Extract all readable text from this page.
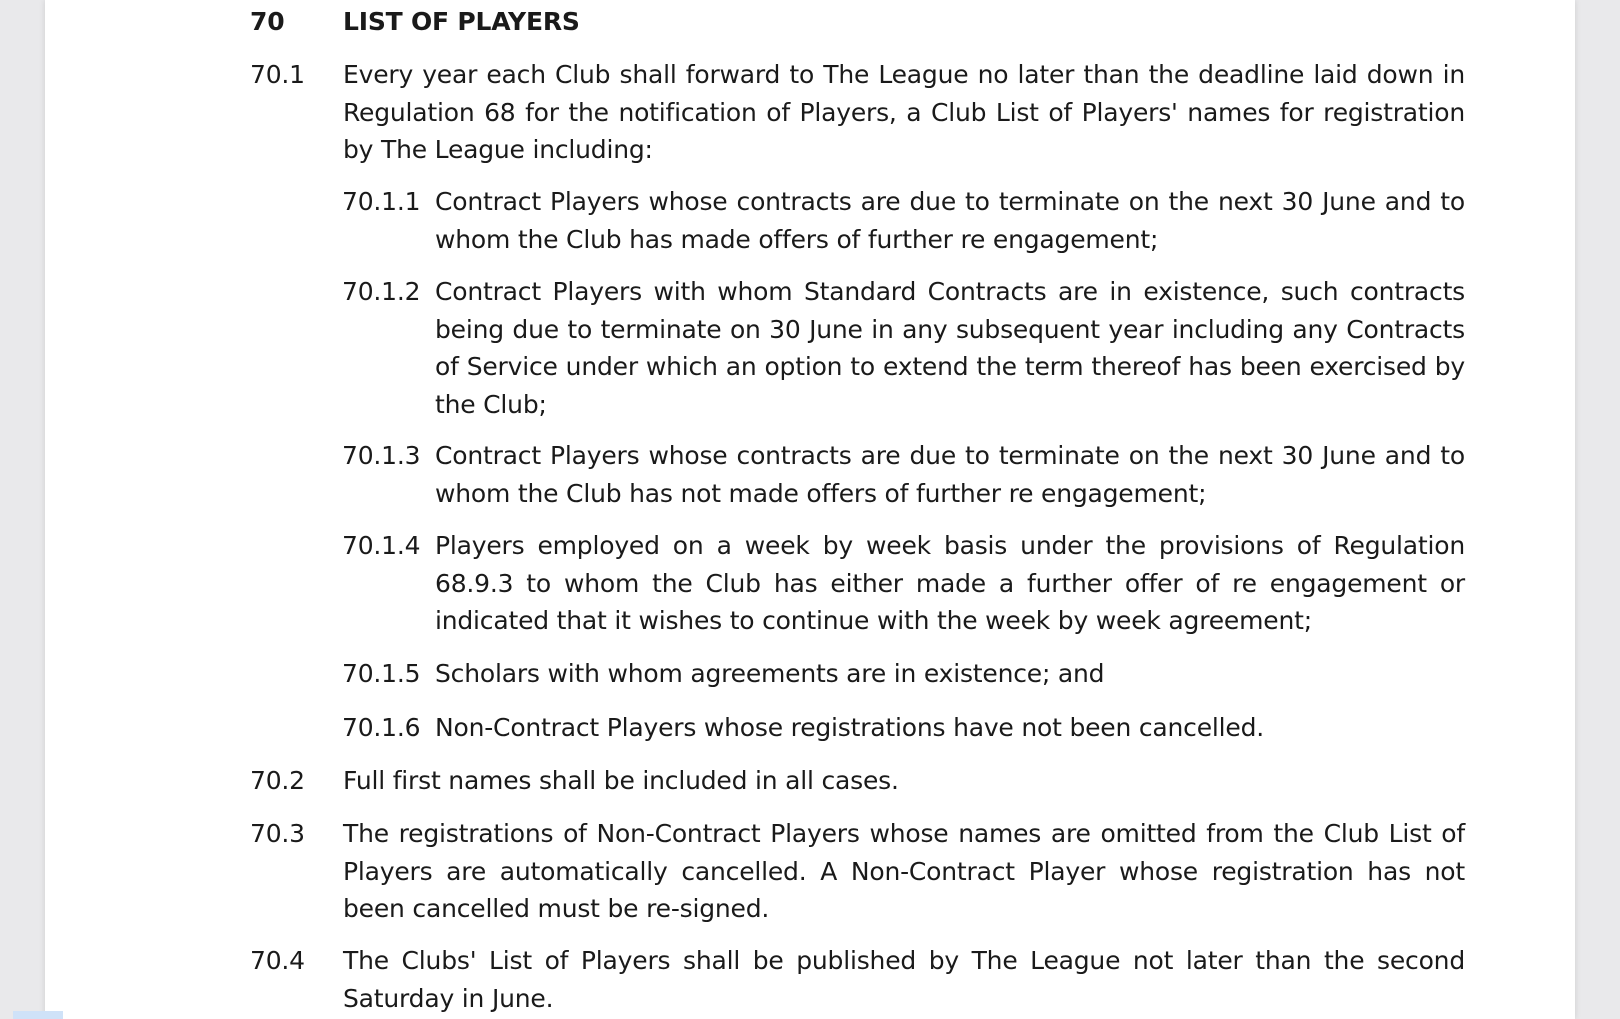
70 LIST OF PLAYERS
70.1 Every year each Club shall forward to The League no later than the deadline laid down in Regulation 68 for the notification of Players, a Club List of Players' names for registration by The League including:
70.1.1 Contract Players whose contracts are due to terminate on the next 30 June and to whom the Club has made offers of further re engagement;
70.1.2 Contract Players with whom Standard Contracts are in existence, such contracts being due to terminate on 30 June in any subsequent year including any Contracts of Service under which an option to extend the term thereof has been exercised by the Club;
70.1.3 Contract Players whose contracts are due to terminate on the next 30 June and to whom the Club has not made offers of further re engagement;
70.1.4 Players employed on a week by week basis under the provisions of Regulation 68.9.3 to whom the Club has either made a further offer of re engagement or indicated that it wishes to continue with the week by week agreement;
70.1.5 Scholars with whom agreements are in existence; and
70.1.6 Non-Contract Players whose registrations have not been cancelled.
70.2 Full first names shall be included in all cases.
70.3 The registrations of Non-Contract Players whose names are omitted from the Club List of Players are automatically cancelled. A Non-Contract Player whose registration has not been cancelled must be re-signed.
70.4 The Clubs' List of Players shall be published by The League not later than the second Saturday in June.
